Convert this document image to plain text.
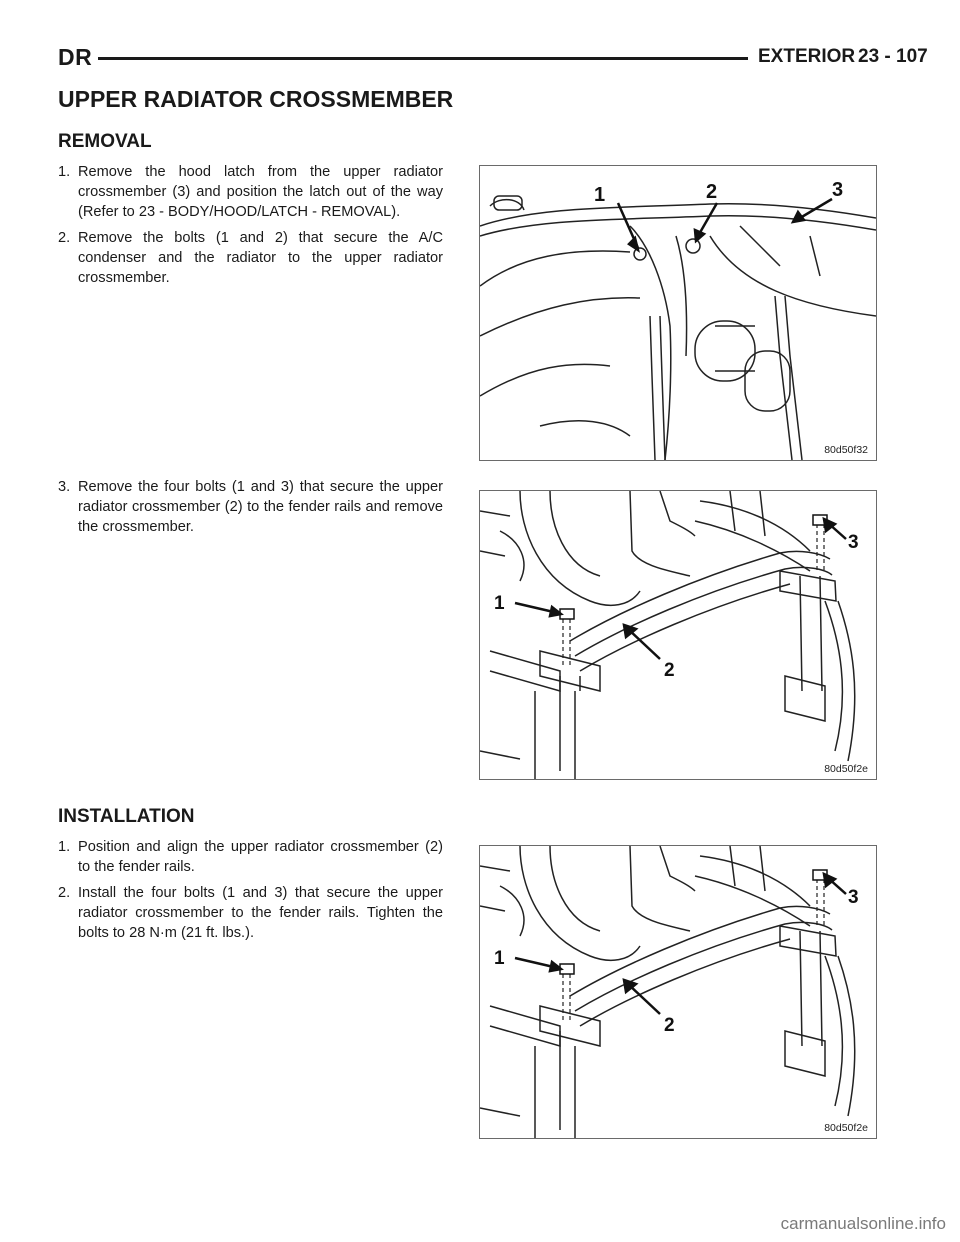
DR	EXTERIOR 23 - 107
UPPER RADIATOR CROSSMEMBER
REMOVAL
1. Remove the hood latch from the upper radiator crossmember (3) and position the latch out of the way (Refer to 23 - BODY/HOOD/LATCH - REMOVAL).
2. Remove the bolts (1 and 2) that secure the A/C condenser and the radiator to the upper radiator crossmember.
3. Remove the four bolts (1 and 3) that secure the upper radiator crossmember (2) to the fender rails and remove the crossmember.
1	2	3
80d50f32
1
2
3
80d50f2e
INSTALLATION
1. Position and align the upper radiator crossmember (2) to the fender rails.
2. Install the four bolts (1 and 3) that secure the upper radiator crossmember to the fender rails. Tighten the bolts to 28 N·m (21 ft. lbs.).
1
2
3
80d50f2e
carmanualsonline.info
